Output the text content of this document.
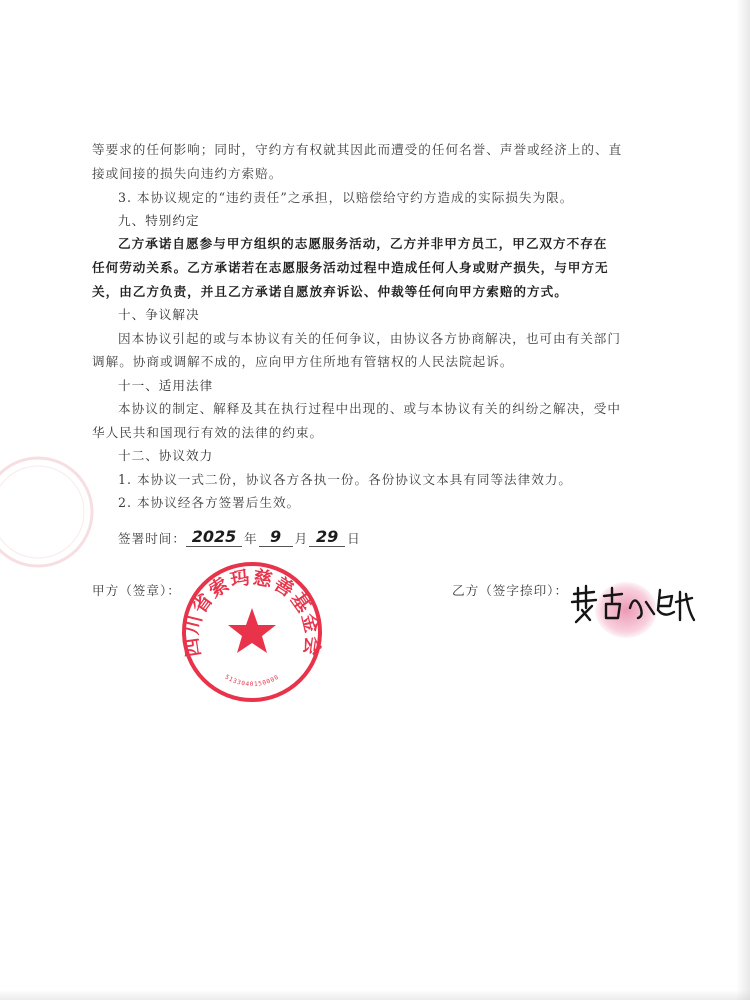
等要求的任何影响；同时，守约方有权就其因此而遭受的任何名誉、声誉或经济上的、直
接或间接的损失向违约方索赔。
3. 本协议规定的“违约责任”之承担，以赔偿给守约方造成的实际损失为限。
九、特别约定
乙方承诺自愿参与甲方组织的志愿服务活动，乙方并非甲方员工，甲乙双方不存在
任何劳动关系。乙方承诺若在志愿服务活动过程中造成任何人身或财产损失，与甲方无
关，由乙方负责，并且乙方承诺自愿放弃诉讼、仲裁等任何向甲方索赔的方式。
十、争议解决
因本协议引起的或与本协议有关的任何争议，由协议各方协商解决，也可由有关部门
调解。协商或调解不成的，应向甲方住所地有管辖权的人民法院起诉。
十一、适用法律
本协议的制定、解释及其在执行过程中出现的、或与本协议有关的纠纷之解决，受中
华人民共和国现行有效的法律的约束。
十二、协议效力
1. 本协议一式二份，协议各方各执一份。各份协议文本具有同等法律效力。
2. 本协议经各方签署后生效。
签署时间： 2025 年 9	月 29 日
甲方（签章）：	乙方（签字捺印）：
四川省索玛慈善基金会
5133040150000
